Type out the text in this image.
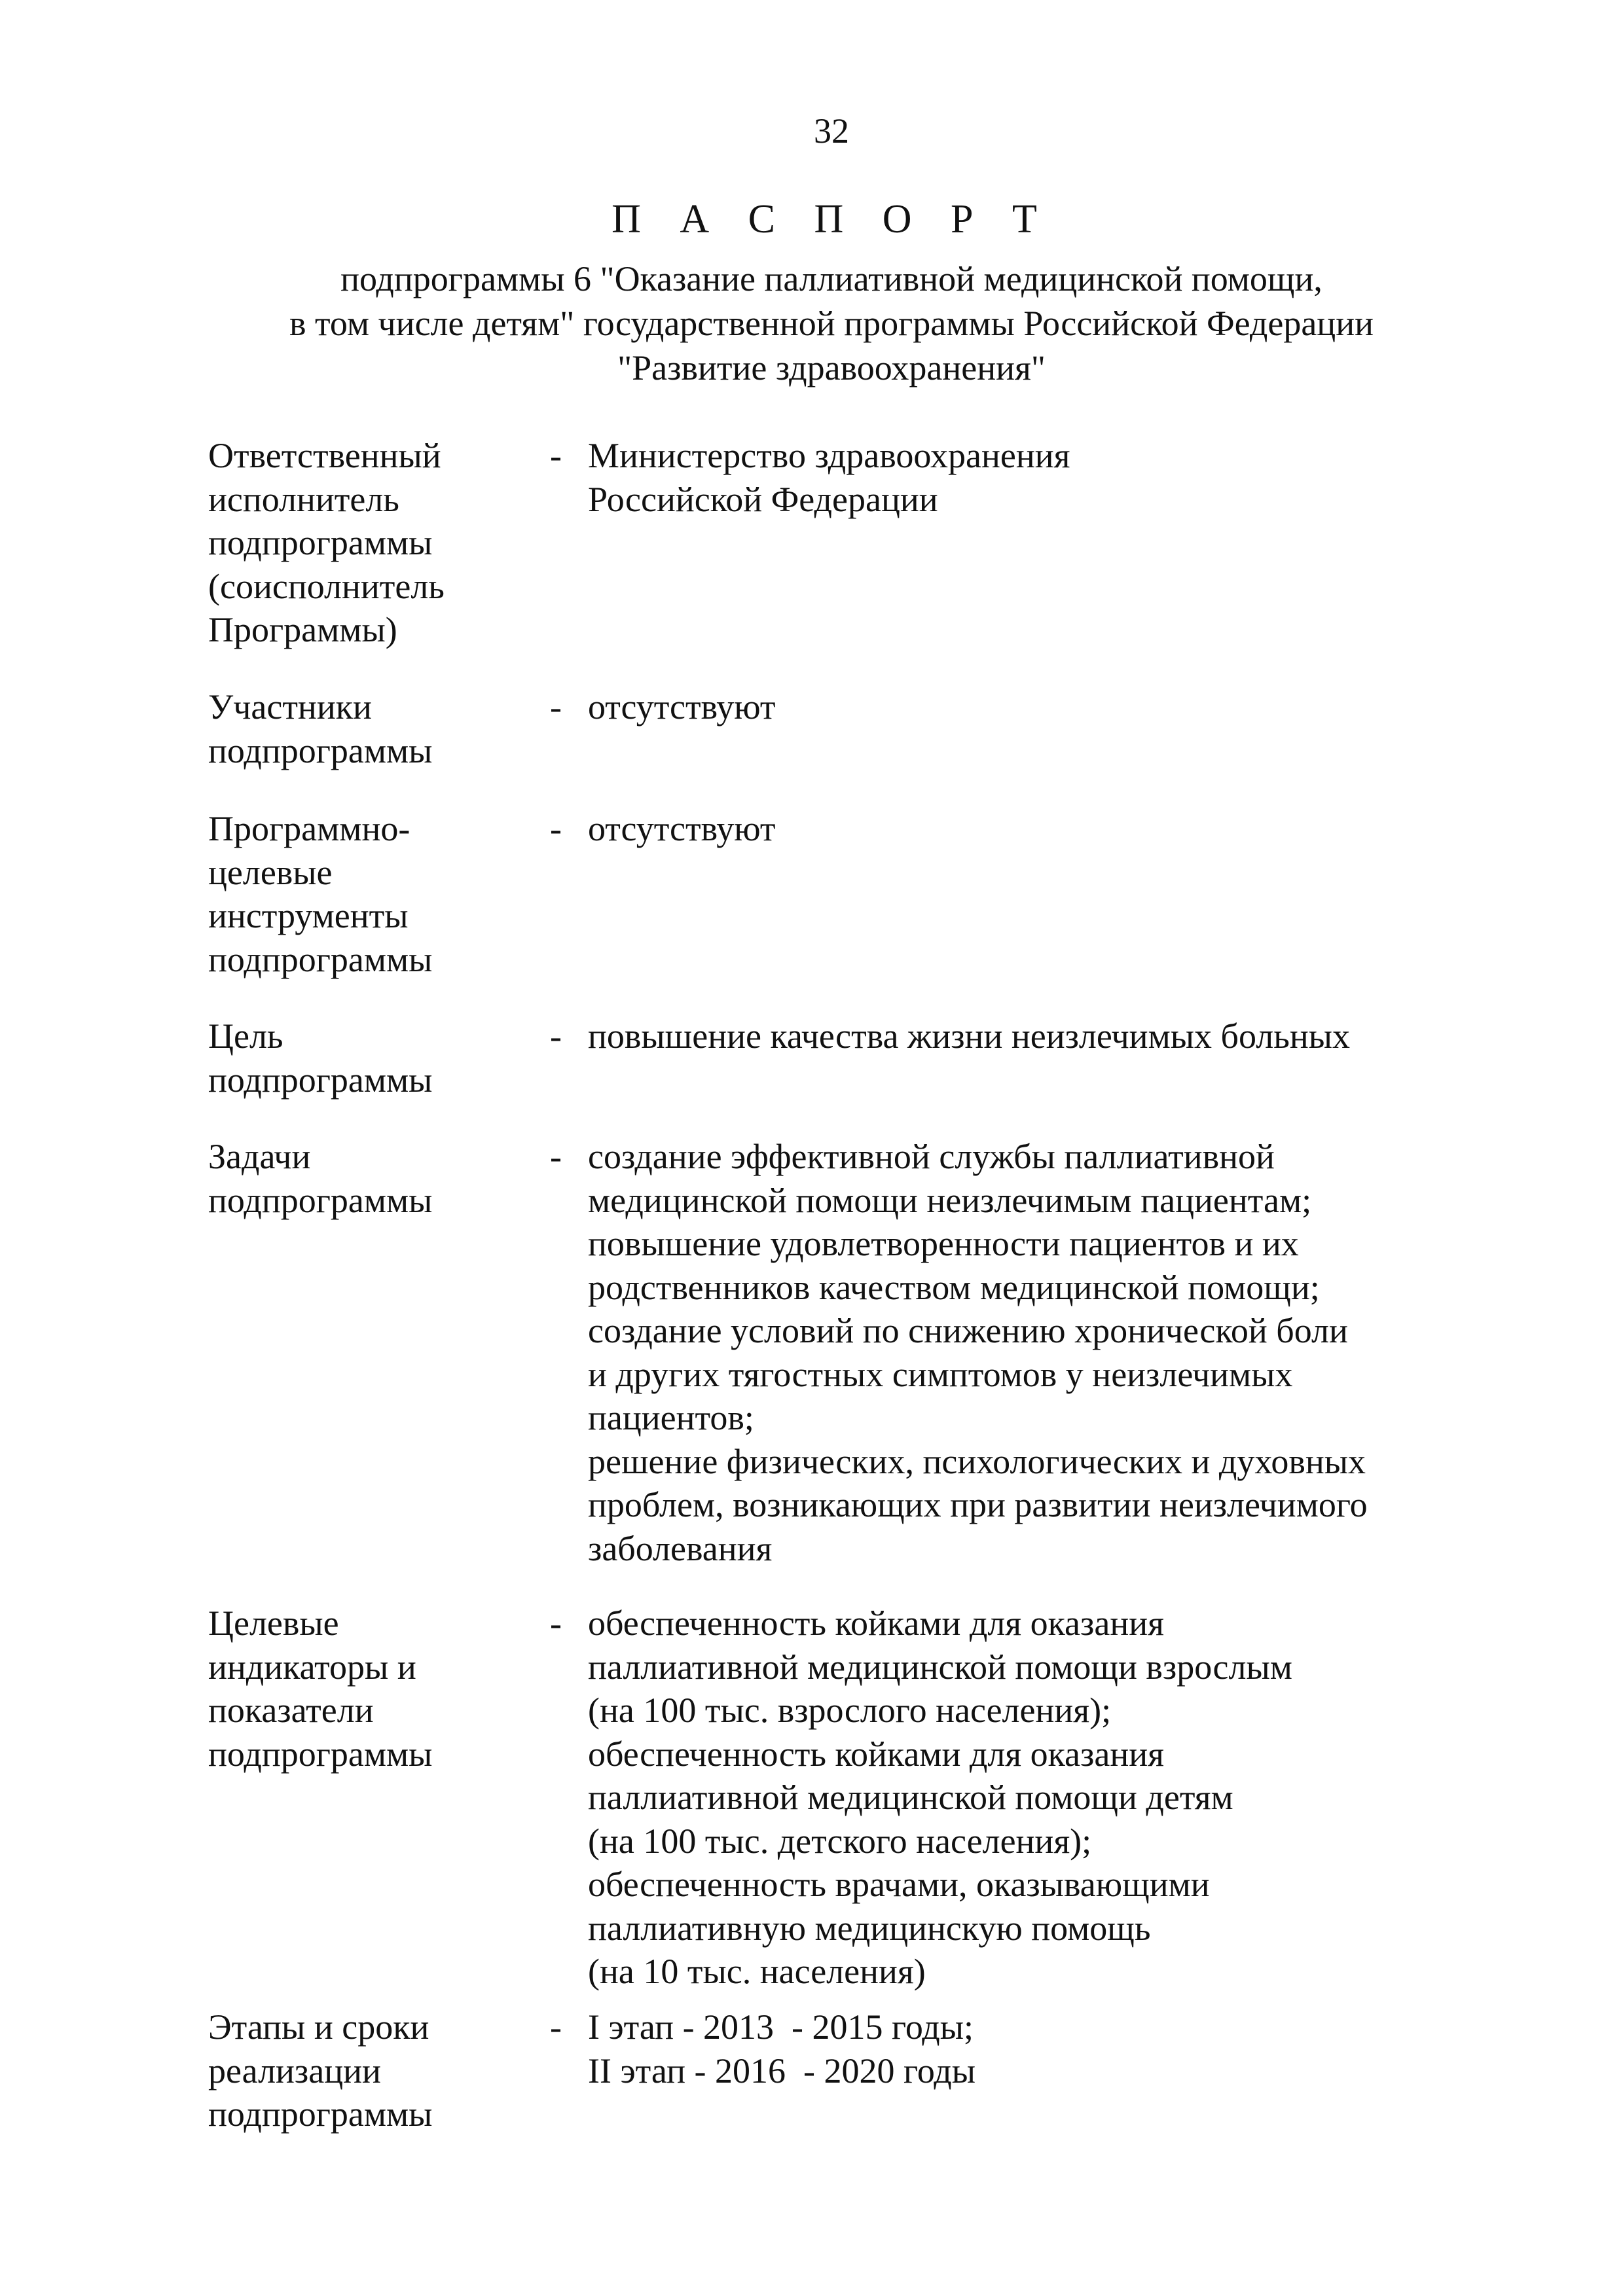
32
П А С П О Р Т
подпрограммы 6 "Оказание паллиативной медицинской помощи,
в том числе детям" государственной программы Российской Федерации
"Развитие здравоохранения"
Ответственный
исполнитель
подпрограммы
(соисполнитель
Программы)
- Министерство здравоохранения
Российской Федерации
Участники
подпрограммы
- отсутствуют
Программно-
целевые
инструменты
подпрограммы
- отсутствуют
Цель
подпрограммы
- повышение качества жизни неизлечимых больных
Задачи
подпрограммы
- создание эффективной службы паллиативной
медицинской помощи неизлечимым пациентам;
повышение удовлетворенности пациентов и их
родственников качеством медицинской помощи;
создание условий по снижению хронической боли
и других тягостных симптомов у неизлечимых
пациентов;
решение физических, психологических и духовных
проблем, возникающих при развитии неизлечимого
заболевания
Целевые
индикаторы и
показатели
подпрограммы
- обеспеченность койками для оказания
паллиативной медицинской помощи взрослым
(на 100 тыс. взрослого населения);
обеспеченность койками для оказания
паллиативной медицинской помощи детям
(на 100 тыс. детского населения);
обеспеченность врачами, оказывающими
паллиативную медицинскую помощь
(на 10 тыс. населения)
Этапы и сроки
реализации
подпрограммы
- I этап - 2013  - 2015 годы;
II этап - 2016  - 2020 годы
